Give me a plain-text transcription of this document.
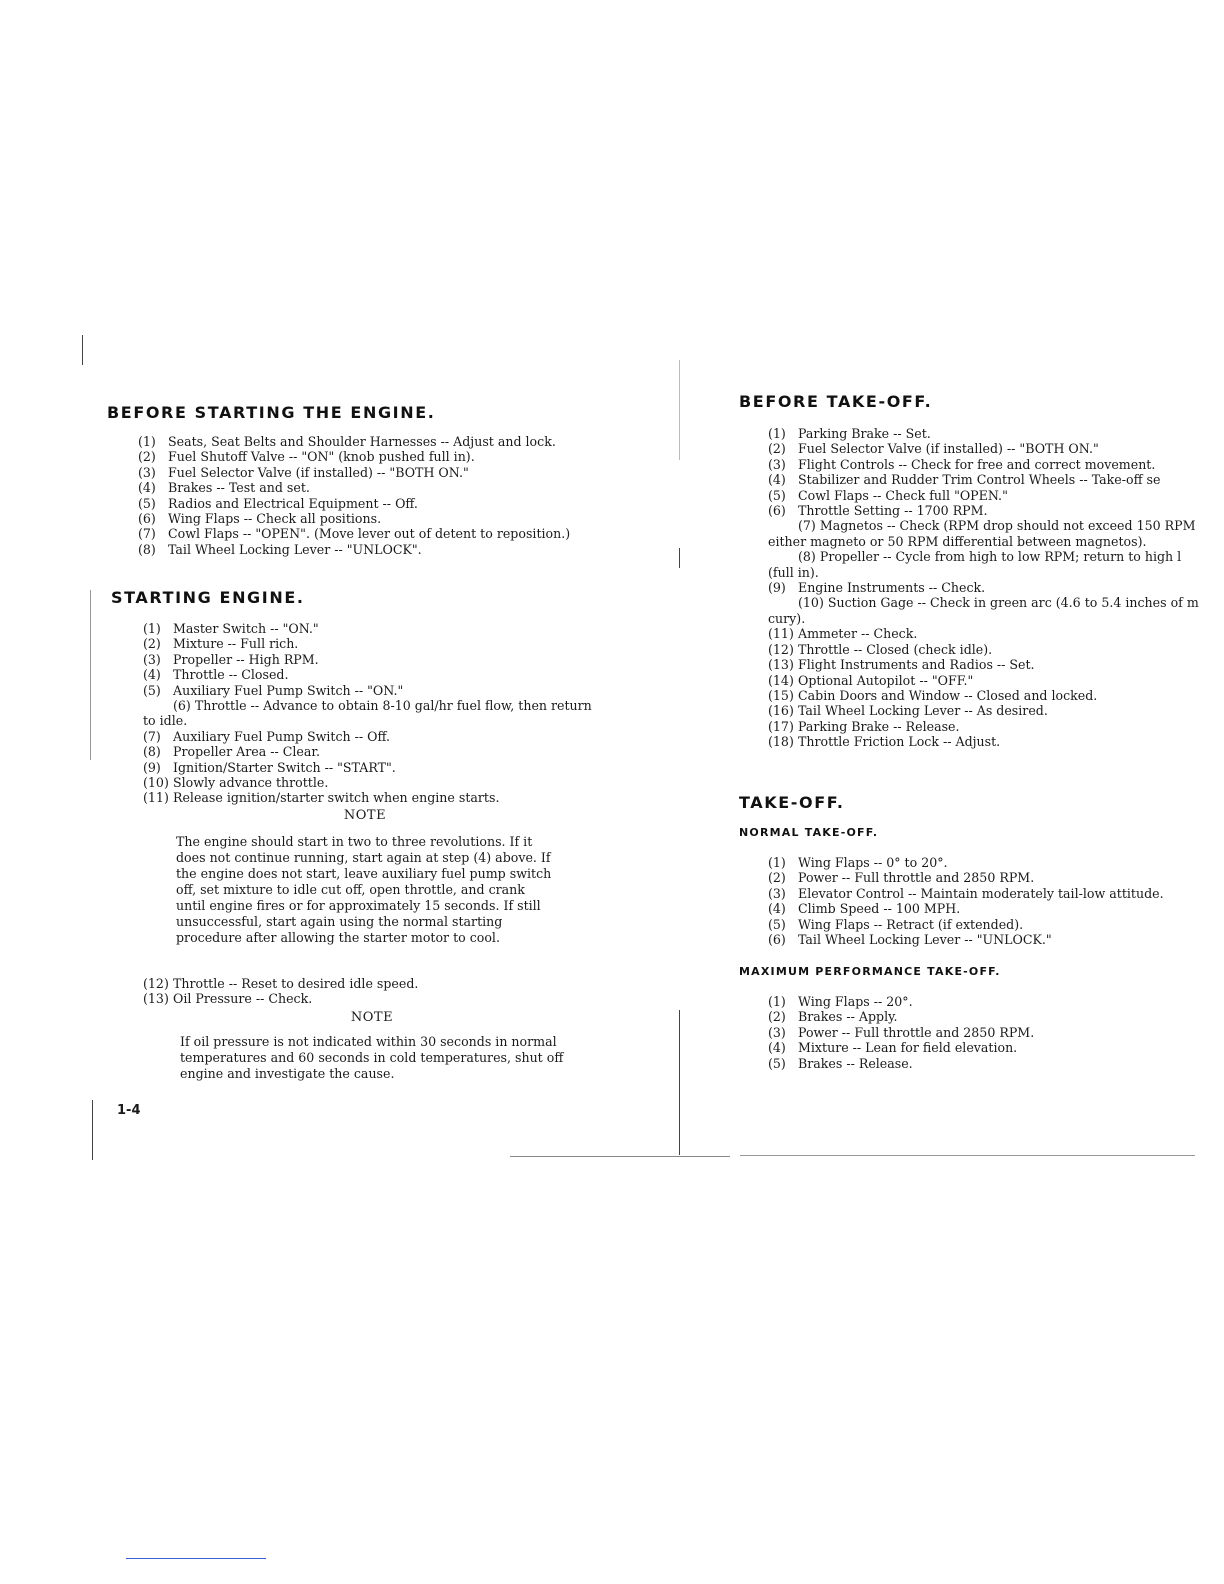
BEFORE STARTING THE ENGINE.
(1) Seats, Seat Belts and Shoulder Harnesses -- Adjust and lock.
(2) Fuel Shutoff Valve -- "ON" (knob pushed full in).
(3) Fuel Selector Valve (if installed) -- "BOTH ON."
(4) Brakes -- Test and set.
(5) Radios and Electrical Equipment -- Off.
(6) Wing Flaps -- Check all positions.
(7) Cowl Flaps -- "OPEN". (Move lever out of detent to reposition.)
(8) Tail Wheel Locking Lever -- "UNLOCK".
STARTING ENGINE.
(1) Master Switch -- "ON."
(2) Mixture -- Full rich.
(3) Propeller -- High RPM.
(4) Throttle -- Closed.
(5) Auxiliary Fuel Pump Switch -- "ON."
(6) Throttle -- Advance to obtain 8-10 gal/hr fuel flow, then return to idle.
(7) Auxiliary Fuel Pump Switch -- Off.
(8) Propeller Area -- Clear.
(9) Ignition/Starter Switch -- "START".
(10) Slowly advance throttle.
(11) Release ignition/starter switch when engine starts.
NOTE
The engine should start in two to three revolutions. If it does not continue running, start again at step (4) above. If the engine does not start, leave auxiliary fuel pump switch off, set mixture to idle cut off, open throttle, and crank until engine fires or for approximately 15 seconds. If still unsuccessful, start again using the normal starting procedure after allowing the starter motor to cool.
(12) Throttle -- Reset to desired idle speed.
(13) Oil Pressure -- Check.
NOTE
If oil pressure is not indicated within 30 seconds in normal temperatures and 60 seconds in cold temperatures, shut off engine and investigate the cause.
1-4
BEFORE TAKE-OFF.
(1) Parking Brake -- Set.
(2) Fuel Selector Valve (if installed) -- "BOTH ON."
(3) Flight Controls -- Check for free and correct movement.
(4) Stabilizer and Rudder Trim Control Wheels -- Take-off se
(5) Cowl Flaps -- Check full "OPEN."
(6) Throttle Setting -- 1700 RPM.
(7) Magnetos -- Check (RPM drop should not exceed 150 RPM either magneto or 50 RPM differential between magnetos).
(8) Propeller -- Cycle from high to low RPM; return to high l (full in).
(9) Engine Instruments -- Check.
(10) Suction Gage -- Check in green arc (4.6 to 5.4 inches of m cury).
(11) Ammeter -- Check.
(12) Throttle -- Closed (check idle).
(13) Flight Instruments and Radios -- Set.
(14) Optional Autopilot -- "OFF."
(15) Cabin Doors and Window -- Closed and locked.
(16) Tail Wheel Locking Lever -- As desired.
(17) Parking Brake -- Release.
(18) Throttle Friction Lock -- Adjust.
TAKE-OFF.
NORMAL TAKE-OFF.
(1) Wing Flaps -- 0° to 20°.
(2) Power -- Full throttle and 2850 RPM.
(3) Elevator Control -- Maintain moderately tail-low attitude.
(4) Climb Speed -- 100 MPH.
(5) Wing Flaps -- Retract (if extended).
(6) Tail Wheel Locking Lever -- "UNLOCK."
MAXIMUM PERFORMANCE TAKE-OFF.
(1) Wing Flaps -- 20°.
(2) Brakes -- Apply.
(3) Power -- Full throttle and 2850 RPM.
(4) Mixture -- Lean for field elevation.
(5) Brakes -- Release.
